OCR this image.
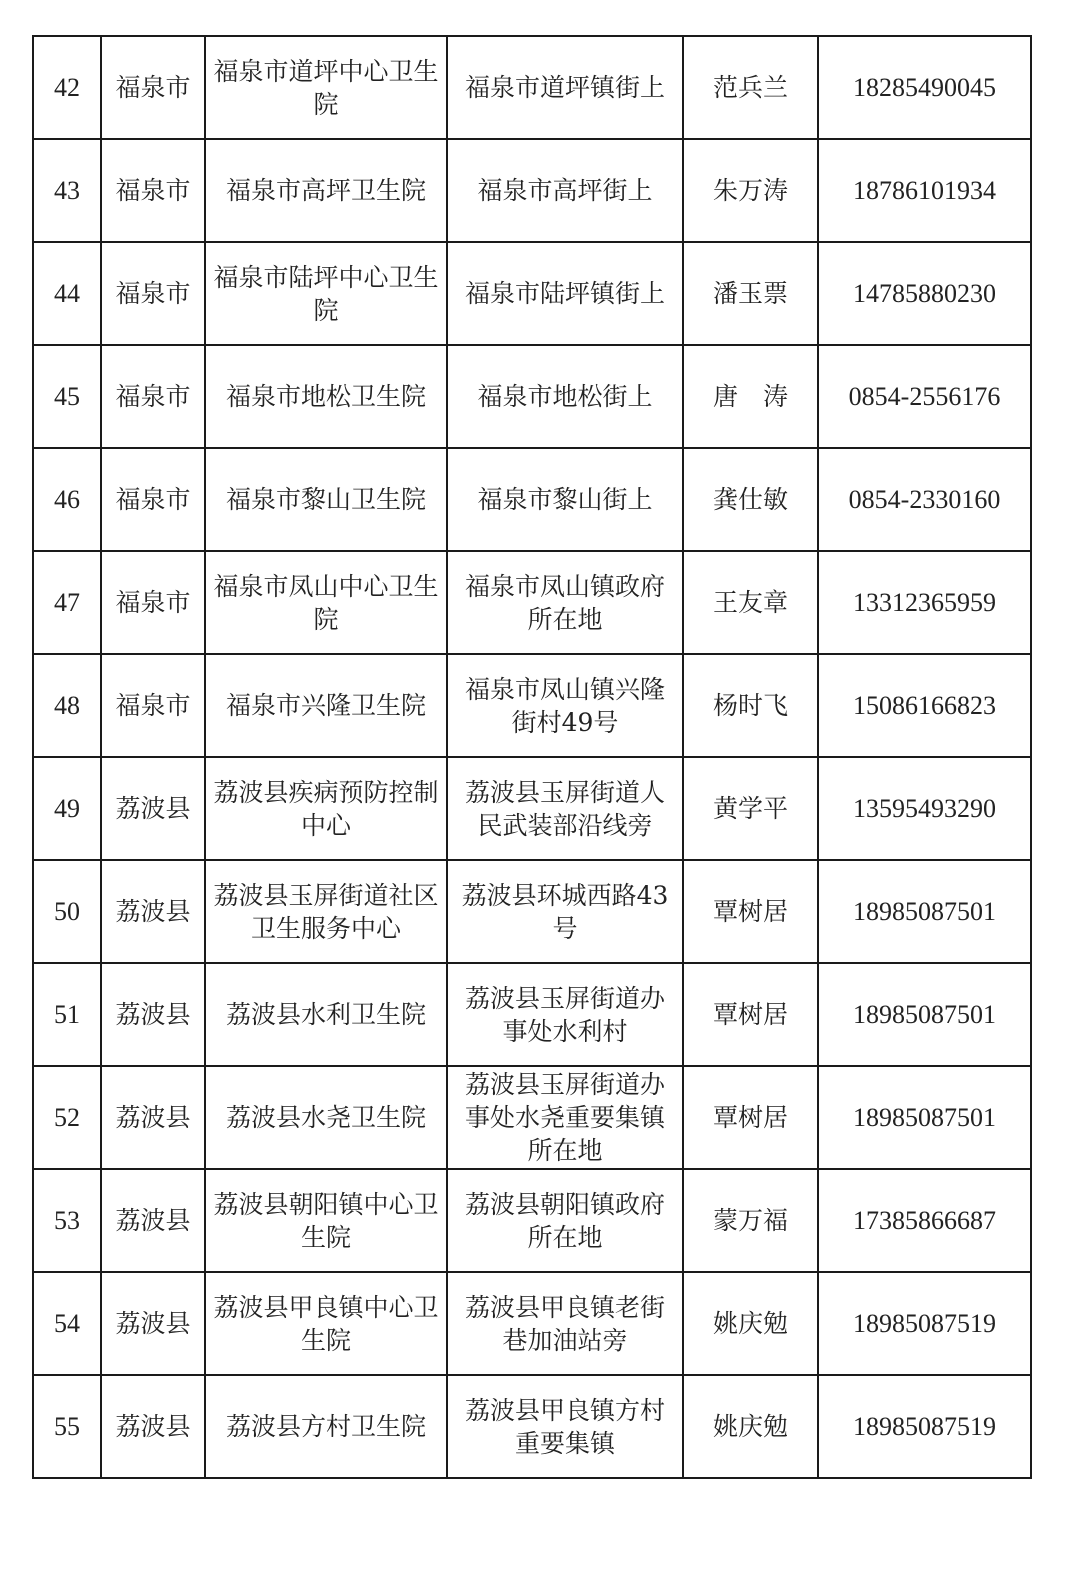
42	福泉市	福泉市道坪中心卫生院	福泉市道坪镇街上	范兵兰	18285490045
43	福泉市	福泉市高坪卫生院	福泉市高坪街上	朱万涛	18786101934
44	福泉市	福泉市陆坪中心卫生院	福泉市陆坪镇街上	潘玉票	14785880230
45	福泉市	福泉市地松卫生院	福泉市地松街上	唐　涛	0854-2556176
46	福泉市	福泉市黎山卫生院	福泉市黎山街上	龚仕敏	0854-2330160
47	福泉市	福泉市凤山中心卫生院	福泉市凤山镇政府所在地	王友章	13312365959
48	福泉市	福泉市兴隆卫生院	福泉市凤山镇兴隆街村49号	杨时飞	15086166823
49	荔波县	荔波县疾病预防控制中心	荔波县玉屏街道人民武装部沿线旁	黄学平	13595493290
50	荔波县	荔波县玉屏街道社区卫生服务中心	荔波县环城西路43号	覃树居	18985087501
51	荔波县	荔波县水利卫生院	荔波县玉屏街道办事处水利村	覃树居	18985087501
52	荔波县	荔波县水尧卫生院	荔波县玉屏街道办事处水尧重要集镇所在地	覃树居	18985087501
53	荔波县	荔波县朝阳镇中心卫生院	荔波县朝阳镇政府所在地	蒙万福	17385866687
54	荔波县	荔波县甲良镇中心卫生院	荔波县甲良镇老街巷加油站旁	姚庆勉	18985087519
55	荔波县	荔波县方村卫生院	荔波县甲良镇方村重要集镇	姚庆勉	18985087519
